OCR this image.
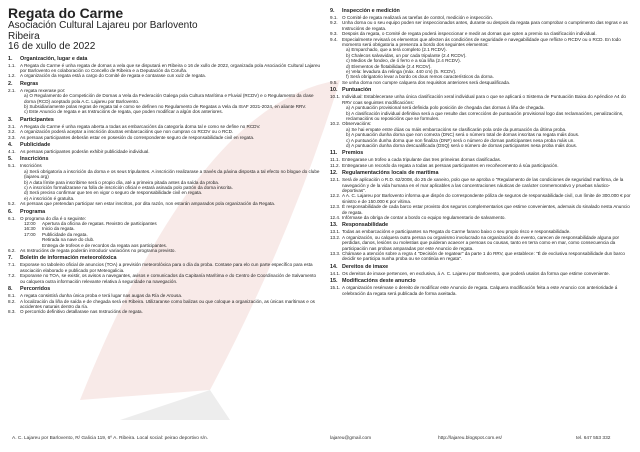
Regata do Carme
Asociación Cultural Lajareu por Barlovento
Ribeira
16 de xullo de 2022
1. Organización, lugar e data
1.1. A Regata do Carme é unha regata de dornas a vela que se disputará en Ribeira o 16 de xullo de 2022, organizada pola Asociación Cultural Lajareu por Barlovento en colaboración co Concello de Ribeira e a Deputación da Coruña.
1.2. A organización da regata está a cargo do Comité de regata e contarase cun xuíz de regata.
2. Regras
2.1. A regata rexerase por:
a) O Regulamento de Competición de Dornas a Vela da Federación Galega pola Cultura Marítima e Fluvial (RCDV) e o Regulamento da clase dorna (RCD) aceptado pola A.C. Lajareu por Barlovento.
b) Subsidiariamente polas regras de regata tal e como se definen no Regulamento de Regatas a Vela da ISAF 2021-2024, en aliante RRV.
c) Este Anuncio de regata e as Instrucións de regata, que poden modificar a algún dos anteriores.
3. Participantes
3.1. A Regata do Carme é unha regata aberta a todas as embarcacións da categoría dorna tal e como se define no RCDV.
3.2. A organización poderá aceptar a inscrición doutras embarcacións que non cumpran co RCDV ou o RCD.
3.3. As persoas participantes deberán estar en posesión do correspondente seguro de responsabilidade civil en regata.
4. Publicidade
4.1. As persoas participantes poderán exhibir publicidade individual.
5. Inscricións
5.1. Inscricións
a) Será obrigatoria a inscrición da dorna e os seus tripulantes. A inscrición realizarase a través da páxina disposta a tal efecto no blogue do clube (lajareu.org)
b) A data límite para inscribirse será o propio día, até a primeira pitada antes da saída da proba.
c) A inscrición formalizarase na folla de inscrición oficial e estará asinada polo patrón da dorna inscrita.
d) Será preciso confirmar que ten en vigor o seguro de responsabilidade civil en regata.
e) A inscrición é gratuíta.
5.2. As persoas que pretendan participar sen estar inscritos, por dita razón, non estarán amparados pola organización da Regata.
6. Programa
6.1. O programa do día é o seguinte:
12:00 Apertura da oficina de regatas. Rexistro de participantes
16:30 Inicio da regata.
17:00 Publicidade da regata.
Retirada na nave do club.
Entrega de trofeos e de recordos da regata aos participantes.
6.2. As Instrucións de regata poderán introducir variacións no programa previsto.
7. Boletín de información meteorolóxica
7.1. Exporase no taboleiro oficial de anuncios (TOA) a previsión meteorolóxica para o día da proba. Contase para elo cun parte específico para esta asociación elaborado e publicado por Meteogalicia.
7.2. Exporanse no TOA, se existir, os avisos a navegantes, avisos e comunicados da Capitanía Marítima e do Centro de Coordinación de Salvamento ou calquera outra información relevante relativa á seguridade na navegación.
8. Percorridos
8.1. A regata consistirá dunha única proba e terá lugar nas augas da Ría de Arousa.
8.2. A localización da liña de saída e de chegada será en Ribeira. Utilizaranse como balizas ou que coloque a organización, as únicas marítimas e os accidentes naturais dentro da ría.
8.3. O percorrido definitivo detallarase nas Instrucións de regata.
9. Inspección e medición
9.1. O Comité de regata realizará as tarefas de control, medición e inspección.
9.2. Unha dorna ou o seu equipo poden ser inspeccionados antes, durante ou despois da regata para comprobar o cumprimento das regras e as Instrucións de regata.
9.3. Despois da regata, o Comité de regata poderá inspeccionar e medir as dornas que opten a premio na clasificación individual.
9.4. Especialmente revisará os elementos que afecten ás condicións de seguridade e navegabilidade que reflicte o RCDV ou o RCD. En todo momento será obrigatoria a presenza a bordo dos seguintes elementos:
a) Emparchado, que a terá completo (2.1 RCDV).
b) Chalecos salvavidas, un por cada tripulante (2.4 RCDV).
c) Medios de fondeo, de ó ferro e a súa liña (2.4 RCDV).
d) Elementos de flotabilidade (2.4 RCDV).
e) Vela: levadura da relinga (máx. 440 cm) (5. RCDV).
f) Será obrigatorio levar a bordo os dous remos característicos da dorna.
9.5. Se unha dorna non cumpre calquera dos requisitos anteriores será desqualificada.
10. Puntuación
10.1. Individual: Establecerase unha única clasificación xeral individual para o que se aplicará o Sistema de Puntuación Baixa do Apéndice A4 do RRV coas seguintes modificacións:
a) A puntuación provisional será definida polo posición de chegada das dornas á liña de chegada.
b) A clasificación individual definitiva será a que resulte das correccións de puntuación provisional logo das reclamacións, penalizacións, reclamacións ou reposicións que se formulen.
10.2. Observacións:
a) Se hai empate entre dúas ou máis embarcacións se clasificarán pola orde da puntuación da última proba.
b) A puntuación dunha dorna que non comeza (DNC) será o número total de dornas inscritas na regata máis dous.
c) A puntuación dunha dorna que non finaliza (DNF) será o número de dornas participantes nesa proba máis un.
d) A puntuación dunha dorna descualificada (DSQ) será o número de dornas participantes nesa proba máis dous.
11. Premios
11.1. Entregarase un trofeo a cada tripulante das tres primeiras dornas clasificadas.
11.2. Entregarase un recordo da regata a todas as persoas participantes en recoñecemento á súa participación.
12. Regulamentacións locais de marítima
12.1. Será de aplicación o R.D. 62/2008, do 25 de xaneiro, polo que se aproba o "Regulamento de las condiciones de seguridad marítima, de la navegación y de la vida humana en el mar aplicables a las concentraciones náuticas de carácter conmemorativo y pruebas náutico-deportivas".
12.2. A A. C. Lajareu por Barlovento informa que dispón do correspondente póliza de seguros de responsabilidade civil, cun límite de 300.000 € por sinistro e de 150.000 € por vítima.
12.3. É responsabilidade de cada barco estar provisto dos seguros complementarios que estime convenientes, ademais do sinalado nesta Anuncio de regata.
12.4. Infórmase da obriga de contar a bordo co equipo regulamentario de salvamento.
13. Responsabilidade
13.1. Todas as embarcacións e participantes na Regata do Carme farano baixo o seu propio risco e responsabilidade.
13.2. A organización, ou calquera outra persoa ou organismo involucrado na organización do evento, carecen de responsabilidade alguna por perdidas, danos, lesións ou molestias que puideran acaecer a persoas ou cousas, tanto en terra como en mar, como consecuencia da participación nas probas amparadas por este Anuncio de regata.
13.3. Chámase a atención sobre a regra 4 "Decisión de regatear" da parte 1 do RRV, que establece: "É de exclusiva responsabilidade dun barco decidir se participa nunha proba ou se continúa en regata".
14. Dereitos de imaxe
14.1. Os dereitos de imaxe pertencen, en exclusiva, á A. C. Lajareu por Barlovento, que poderá usalos da forma que estime conveniente.
15. Modificacións deste anuncio
15.1. A organización resérvase o dereito de modificar este Anuncio de regata. Calquera modificación feita a este Anuncio con anterioridade á celebración da regata será publicada de forma axeitada.
A. C. Lajareu por Barlovento, R/ Galicia 119, 6º A. Ribeira. Local social: peirao deportivo s/n.	lajareu@gmail.com	http://lajareu.blogspot.com.es/	tel. 647 553 332
